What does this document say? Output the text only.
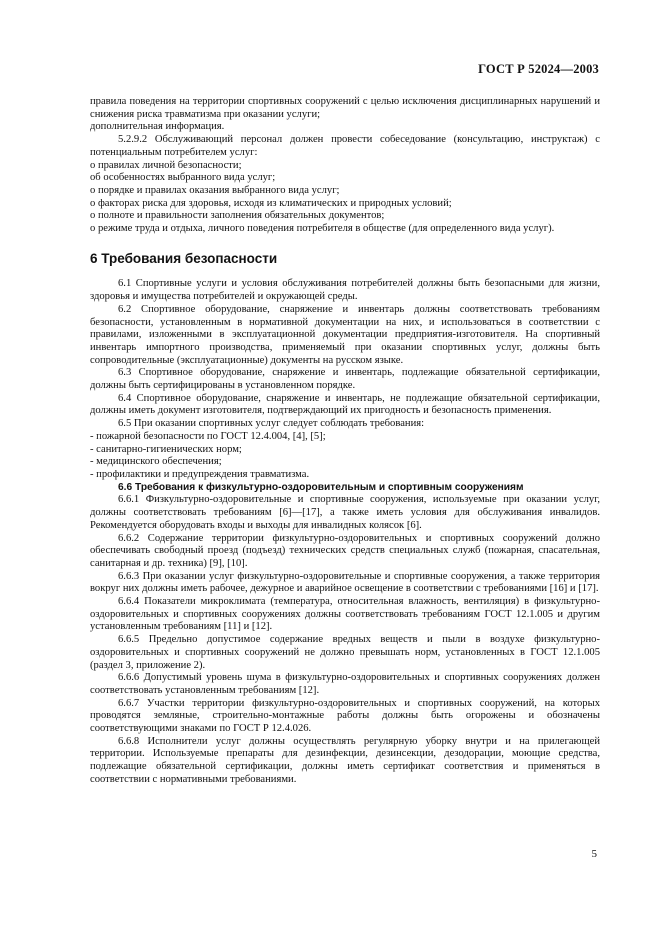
ГОСТ Р 52024—2003

правила поведения на территории спортивных сооружений с целью исключения дисциплинарных нарушений и снижения риска травматизма при оказании услуги;

дополнительная информация.

5.2.9.2 Обслуживающий персонал должен провести собеседование (консультацию, инструктаж) с потенциальным потребителем услуг:

о правилах личной безопасности;

об особенностях выбранного вида услуг;

о порядке и правилах оказания выбранного вида услуг;

о факторах риска для здоровья, исходя из климатических и природных условий;

о полноте и правильности заполнения обязательных документов;

о режиме труда и отдыха, личного поведения потребителя в обществе (для определенного вида услуг).

6 Требования безопасности

6.1 Спортивные услуги и условия обслуживания потребителей должны быть безопасными для жизни, здоровья и имущества потребителей и окружающей среды.

6.2 Спортивное оборудование, снаряжение и инвентарь должны соответствовать требованиям безопасности, установленным в нормативной документации на них, и использоваться в соответствии с правилами, изложенными в эксплуатационной документации предприятия-изготовителя. На спортивный инвентарь импортного производства, применяемый при оказании спортивных услуг, должны быть сопроводительные (эксплуатационные) документы на русском языке.

6.3 Спортивное оборудование, снаряжение и инвентарь, подлежащие обязательной сертификации, должны быть сертифицированы в установленном порядке.

6.4 Спортивное оборудование, снаряжение и инвентарь, не подлежащие обязательной сертификации, должны иметь документ изготовителя, подтверждающий их пригодность и безопасность применения.

6.5 При оказании спортивных услуг следует соблюдать требования:

- пожарной безопасности по ГОСТ 12.4.004, [4], [5];

- санитарно-гигиенических норм;

- медицинского обеспечения;

- профилактики и предупреждения травматизма.

6.6 Требования к физкультурно-оздоровительным и спортивным сооружениям

6.6.1 Физкультурно-оздоровительные и спортивные сооружения, используемые при оказании услуг, должны соответствовать требованиям [6]—[17], а также иметь условия для обслуживания инвалидов. Рекомендуется оборудовать входы и выходы для инвалидных колясок [6].

6.6.2 Содержание территории физкультурно-оздоровительных и спортивных сооружений должно обеспечивать свободный проезд (подъезд) технических средств специальных служб (пожарная, спасательная, санитарная и др. техника) [9], [10].

6.6.3 При оказании услуг физкультурно-оздоровительные и спортивные сооружения, а также территория вокруг них должны иметь рабочее, дежурное и аварийное освещение в соответствии с требованиями [16] и [17].

6.6.4 Показатели микроклимата (температура, относительная влажность, вентиляция) в физкультурно-оздоровительных и спортивных сооружениях должны соответствовать требованиям ГОСТ 12.1.005 и другим установленным требованиям [11] и [12].

6.6.5 Предельно допустимое содержание вредных веществ и пыли в воздухе физкультурно-оздоровительных и спортивных сооружений не должно превышать норм, установленных в ГОСТ 12.1.005 (раздел 3, приложение 2).

6.6.6 Допустимый уровень шума в физкультурно-оздоровительных и спортивных сооружениях должен соответствовать установленным требованиям [12].

6.6.7 Участки территории физкультурно-оздоровительных и спортивных сооружений, на которых проводятся земляные, строительно-монтажные работы должны быть огорожены и обозначены соответствующими знаками по ГОСТ Р 12.4.026.

6.6.8 Исполнители услуг должны осуществлять регулярную уборку внутри и на прилегающей территории. Используемые препараты для дезинфекции, дезинсекции, дезодорации, моющие средства, подлежащие обязательной сертификации, должны иметь сертификат соответствия и применяться в соответствии с нормативными требованиями.

5
